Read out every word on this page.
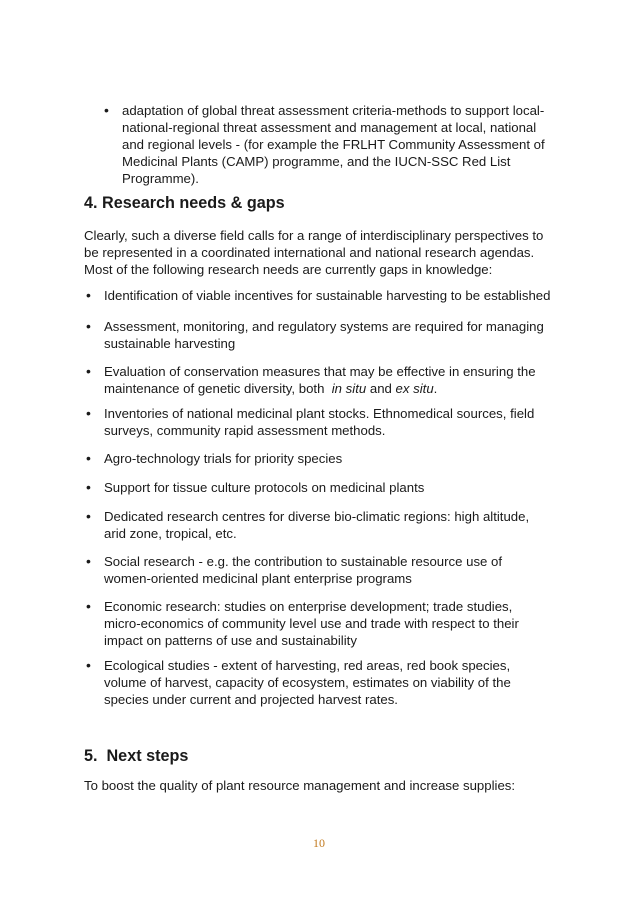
• adaptation of global threat assessment criteria-methods to support local-
national-regional threat assessment and management at local, national
and regional levels - (for example the FRLHT Community Assessment of
Medicinal Plants (CAMP) programme, and the IUCN-SSC Red List
Programme).
4. Research needs & gaps

Clearly, such a diverse field calls for a range of interdisciplinary perspectives to
be represented in a coordinated international and national research agendas.
Most of the following research needs are currently gaps in knowledge:

• Identification of viable incentives for sustainable harvesting to be established
• Assessment, monitoring, and regulatory systems are required for managing
sustainable harvesting
• Evaluation of conservation measures that may be effective in ensuring the
maintenance of genetic diversity, both  in situ and ex situ.
• Inventories of national medicinal plant stocks. Ethnomedical sources, field
surveys, community rapid assessment methods.
• Agro-technology trials for priority species
• Support for tissue culture protocols on medicinal plants
• Dedicated research centres for diverse bio-climatic regions: high altitude,
arid zone, tropical, etc.
• Social research - e.g. the contribution to sustainable resource use of
women-oriented medicinal plant enterprise programs
• Economic research: studies on enterprise development; trade studies,
micro-economics of community level use and trade with respect to their
impact on patterns of use and sustainability
• Ecological studies - extent of harvesting, red areas, red book species,
volume of harvest, capacity of ecosystem, estimates on viability of the
species under current and projected harvest rates.
5.  Next steps

To boost the quality of plant resource management and increase supplies:

10
